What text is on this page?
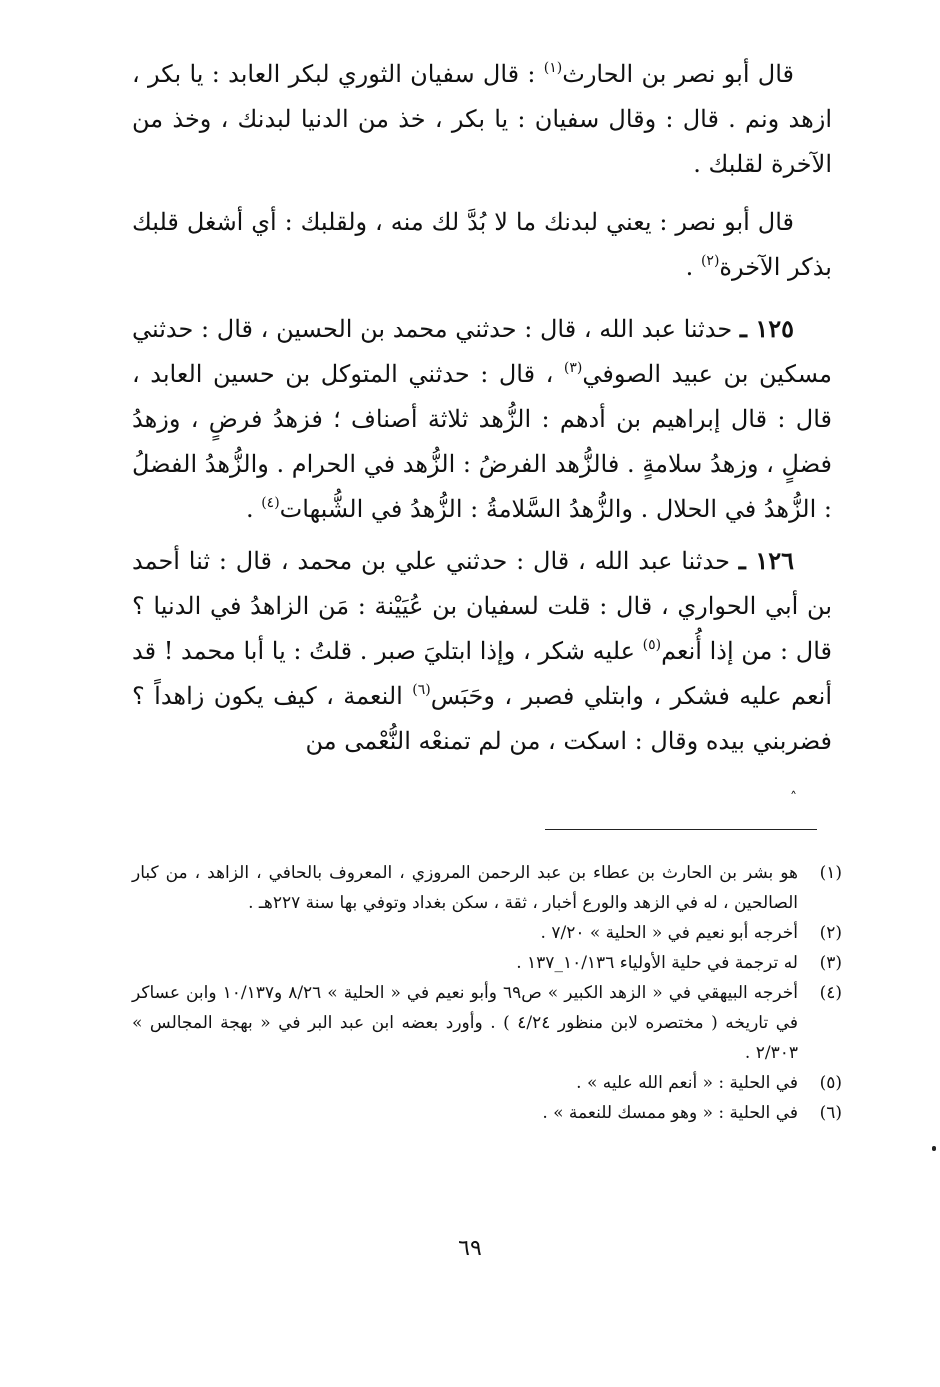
قال أبو نصر بن الحارث$^{(١)}$ : قال سفيان الثوري لبكر العابد : يا بكر ، ازهد ونم . قال : وقال سفيان : يا بكر ، خذ من الدنيا لبدنك ، وخذ من الآخرة لقلبك .

قال أبو نصر : يعني لبدنك ما لا بُدَّ لك منه ، ولقلبك : أي أشغل قلبك بذكر الآخرة$^{(٢)}$ .

١٢٥ ـ حدثنا عبد الله ، قال : حدثني محمد بن الحسين ، قال : حدثني مسكين بن عبيد الصوفي$^{(٣)}$ ، قال : حدثني المتوكل بن حسين العابد ، قال : قال إبراهيم بن أدهم : الزُّهد ثلاثة أصناف ؛ فزهدُ فرضٍ ، وزهدُ فضلٍ ، وزهدُ سلامةٍ . فالزُّهد الفرضُ : الزُّهد في الحرام . والزُّهدُ الفضلُ : الزُّهدُ في الحلال . والزُّهدُ السَّلامةُ : الزُّهدُ في الشُّبهات$^{(٤)}$ .

١٢٦ ـ حدثنا عبد الله ، قال : حدثني علي بن محمد ، قال : ثنا أحمد بن أبي الحواري ، قال : قلت لسفيان بن عُيَيْنة : مَن الزاهدُ في الدنيا ؟ قال : من إذا أُنعم$^{(٥)}$ عليه شكر ، وإذا ابتليَ صبر . قلتُ : يا أبا محمد ! قد أنعم عليه فشكر ، وابتلي فصبر ، وحَبَس$^{(٦)}$ النعمة ، كيف يكون زاهداً ؟ فضربني بيده وقال : اسكت ، من لم تمنعْه النُّعْمى من

˄
(١)
هو بشر بن الحارث بن عطاء بن عبد الرحمن المروزي ، المعروف بالحافي ، الزاهد ، من كبار الصالحين ، له في الزهد والورع أخبار ، ثقة ، سكن بغداد وتوفي بها سنة ٢٢٧هـ .
(٢)
أخرجه أبو نعيم في « الحلية » ٧/٢٠ .
(٣)
له ترجمة في حلية الأولياء ١٠/١٣٦_١٣٧ .
(٤)
أخرجه البيهقي في « الزهد الكبير » ص٦٩ وأبو نعيم في « الحلية » ٨/٢٦ و١٠/١٣٧ وابن عساكر في تاريخه ( مختصره لابن منظور ٤/٢٤ ) . وأورد بعضه ابن عبد البر في « بهجة المجالس » ٢/٣٠٣ .
(٥)
في الحلية : « أنعم الله عليه » .
(٦)
في الحلية : « وهو ممسك للنعمة » .
٦٩
